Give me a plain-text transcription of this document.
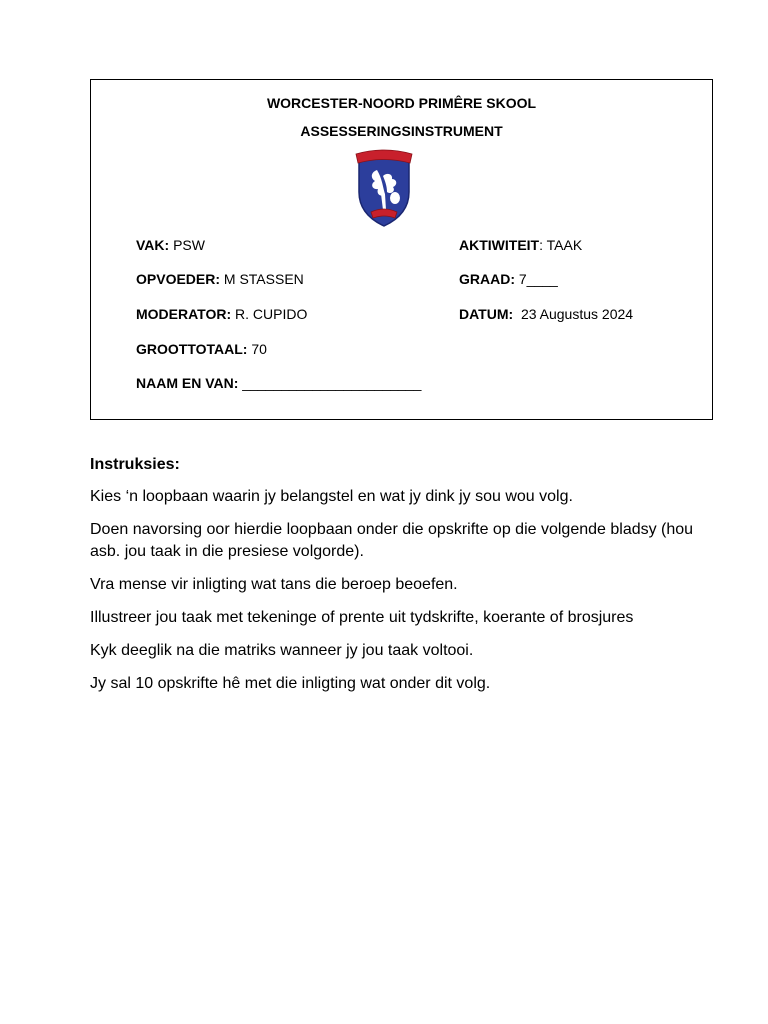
WORCESTER-NOORD PRIMÊRE SKOOL
ASSESSERINGSINSTRUMENT
VAK: PSW	AKTIWITEIT: TAAK
OPVOEDER: M STASSEN	GRAAD: 7____
MODERATOR: R. CUPIDO	DATUM:  23 Augustus 2024
GROOTTOTAAL: 70
NAAM EN VAN: _______________________
Instruksies:

Kies ‘n loopbaan waarin jy belangstel en wat jy dink jy sou wou volg.

Doen navorsing oor hierdie loopbaan onder die opskrifte op die volgende bladsy (hou asb. jou taak in die presiese volgorde).

Vra mense vir inligting wat tans die beroep beoefen.

Illustreer jou taak met tekeninge of prente uit tydskrifte, koerante of brosjures

Kyk deeglik na die matriks wanneer jy jou taak voltooi.

Jy sal 10 opskrifte hê met die inligting wat onder dit volg.
